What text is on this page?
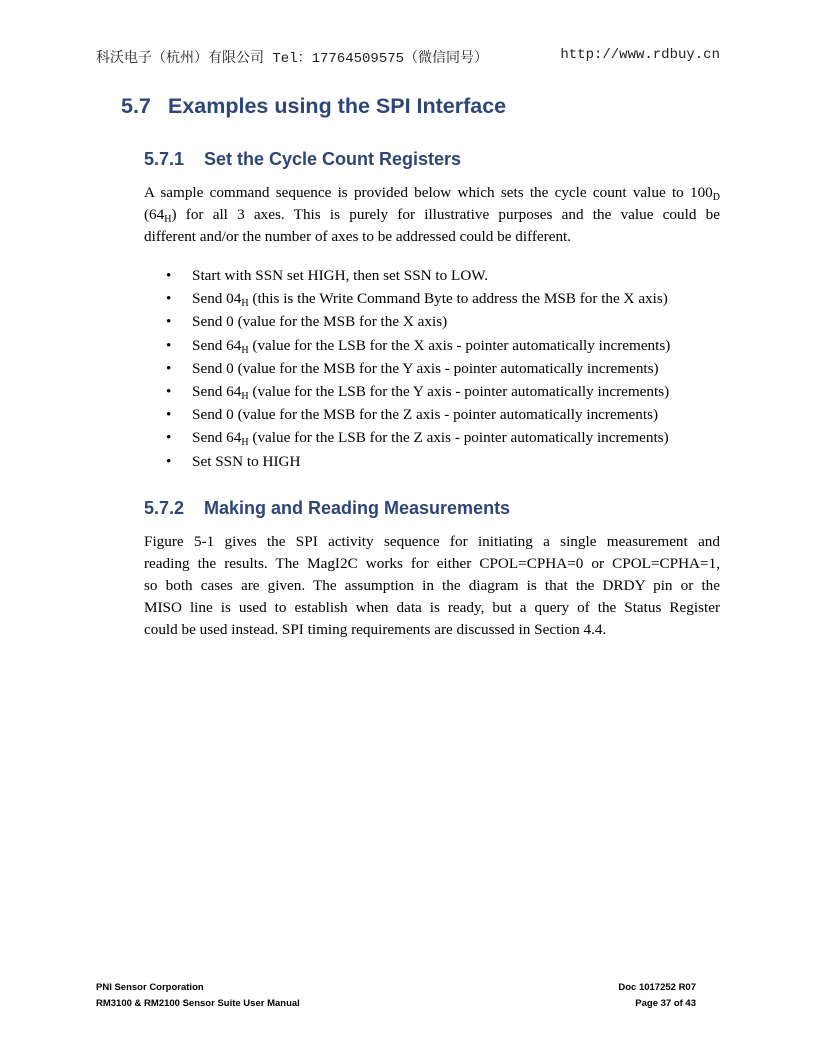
科沃电子（杭州）有限公司 Tel：17764509575（微信同号）	http://www.rdbuy.cn
5.7 Examples using the SPI Interface
5.7.1 Set the Cycle Count Registers
A sample command sequence is provided below which sets the cycle count value to $100_D$
$(64_H)$ for all 3 axes. This is purely for illustrative purposes and the value could be
different and/or the number of axes to be addressed could be different.
• Start with SSN set HIGH, then set SSN to LOW.
• Send $04_H$ (this is the Write Command Byte to address the MSB for the X axis)
• Send 0 (value for the MSB for the X axis)
• Send $64_H$ (value for the LSB for the X axis - pointer automatically increments)
• Send 0 (value for the MSB for the Y axis - pointer automatically increments)
• Send $64_H$ (value for the LSB for the Y axis - pointer automatically increments)
• Send 0 (value for the MSB for the Z axis - pointer automatically increments)
• Send $64_H$ (value for the LSB for the Z axis - pointer automatically increments)
• Set SSN to HIGH
5.7.2 Making and Reading Measurements
Figure 5-1 gives the SPI activity sequence for initiating a single measurement and
reading the results. The MagI2C works for either CPOL=CPHA=0 or CPOL=CPHA=1,
so both cases are given. The assumption in the diagram is that the DRDY pin or the
MISO line is used to establish when data is ready, but a query of the Status Register
could be used instead. SPI timing requirements are discussed in Section 4.4.
PNI Sensor Corporation
RM3100 & RM2100 Sensor Suite User Manual
Doc 1017252 R07
Page 37 of 43
